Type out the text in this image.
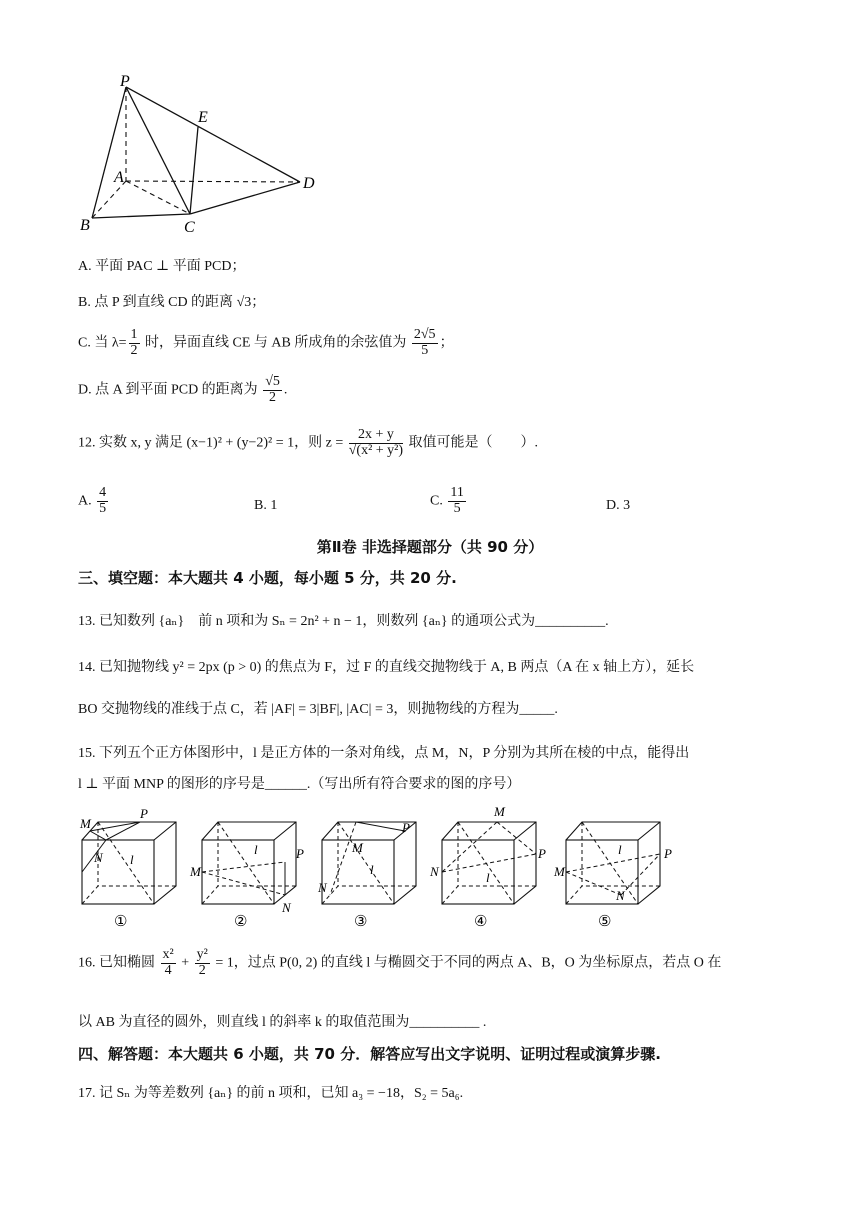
P
E
A	D
B	C
A. 平面 PAC ⊥ 平面 PCD；
B. 点 P 到直线 CD 的距离 √3；
C. 当 $\lambda= \frac{1}{2}$ 时，异面直线 CE 与 AB 所成角的余弦值为 $\frac{2√5}{5}$ ；
D. 点 A 到平面 PCD 的距离为 $\frac{√5}{2}$ .
12. 实数 x, y 满足 (x−1)² + (y−2)² = 1，则 $z = \frac{2x + y}{\text{√(x² + y²)}}$ 取值可能是（　　）.
A. $\frac{4}{5}$	B. 1	C. $\frac{11}{5}$	D. 3
第Ⅱ卷 非选择题部分（共 90 分）
三、填空题：本大题共 4 小题，每小题 5 分，共 20 分.
13. 已知数列 {aₙ}　前 n 项和为 Sₙ = 2n² + n − 1，则数列 {aₙ} 的通项公式为__________.
14. 已知抛物线 y² = 2px (p > 0) 的焦点为 F，过 F 的直线交抛物线于 A, B 两点（A 在 x 轴上方），延长
BO 交抛物线的准线于点 C，若 |AF| = 3|BF|, |AC| = 3，则抛物线的方程为_____.
15. 下列五个正方体图形中，l 是正方体的一条对角线，点 M，N，P 分别为其所在棱的中点，能得出
l ⊥ 平面 MNP 的图形的序号是______.（写出所有符合要求的图的序号）
M
P
N l
①
l	P
M
N
②
M
P
N
l
③
M
P
N	l
④
l	P
M
N
⑤
16. 已知椭圆 $\frac{\text{x²}}{4} + \frac{\text{y²}}{2} = 1$，过点 P(0, 2) 的直线 l 与椭圆交于不同的两点 A、B，O 为坐标原点，若点 O 在
以 AB 为直径的圆外，则直线 l 的斜率 k 的取值范围为__________ .
四、解答题：本大题共 6 小题，共 70 分．解答应写出文字说明、证明过程或演算步骤.
17. 记 Sₙ 为等差数列 {aₙ} 的前 n 项和，已知 a₃ = −18，S₂ = 5a₆.
